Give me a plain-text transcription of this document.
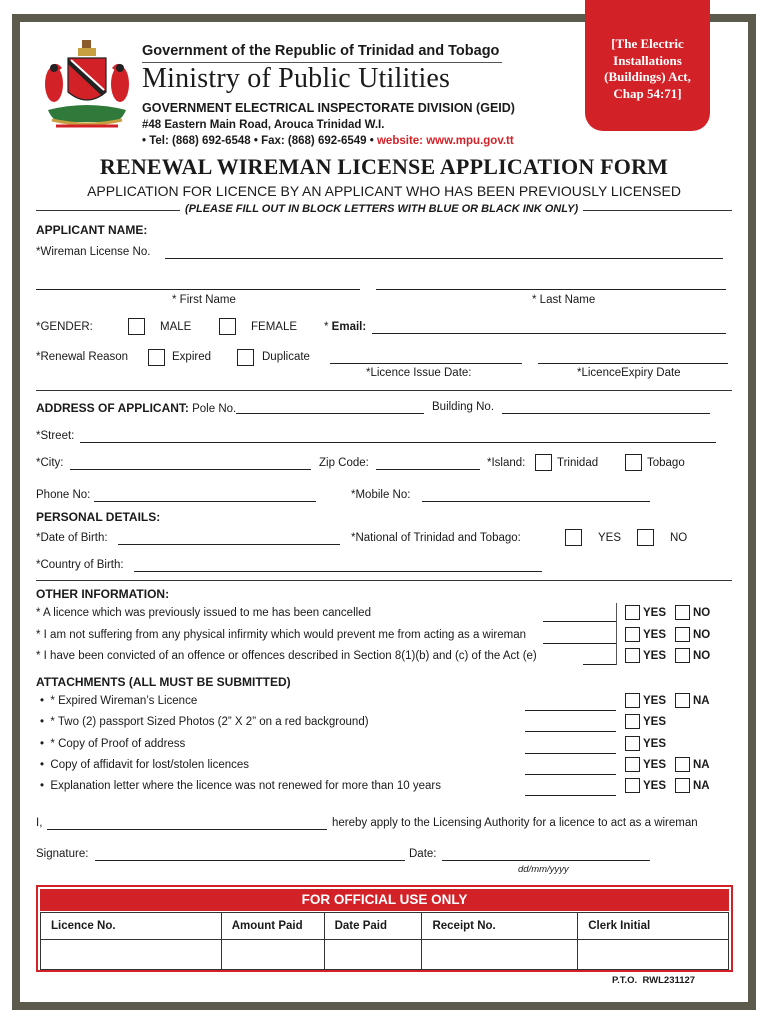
[The Electric
Installations
(Buildings) Act,
Chap 54:71]
Government of the Republic of Trinidad and Tobago
Ministry of Public Utilities
GOVERNMENT ELECTRICAL INSPECTORATE DIVISION (GEID)
#48 Eastern Main Road, Arouca Trinidad W.I.
• Tel: (868) 692-6548 • Fax: (868) 692-6549 • website: www.mpu.gov.tt
RENEWAL WIREMAN LICENSE APPLICATION FORM
APPLICATION FOR LICENCE BY AN APPLICANT WHO HAS BEEN PREVIOUSLY LICENSED
(PLEASE FILL OUT IN BLOCK LETTERS WITH BLUE OR BLACK INK ONLY)
APPLICANT NAME:
*Wireman License No.
* First Name	* Last Name
*GENDER:	MALE	FEMALE * Email:
*Renewal Reason	Expired	Duplicate
*Licence Issue Date:	*LicenceExpiry Date
ADDRESS OF APPLICANT: Pole No.	Building No.
*Street:
*City:	Zip Code:	*Island:	Trinidad	Tobago
Phone No:	*Mobile No:
PERSONAL DETAILS:
*Date of Birth:	*National of Trinidad and Tobago:	YES	NO
*Country of Birth:
OTHER INFORMATION:
* A licence which was previously issued to me has been cancelled	YES NO
* I am not suffering from any physical infirmity which would prevent me from acting as a wireman	YES NO
* I have been convicted of an offence or offences described in Section 8(1)(b) and (c) of the Act (e)	YES NO
ATTACHMENTS (ALL MUST BE SUBMITTED)
• * Expired Wireman’s Licence	YES NA
• * Two (2) passport Sized Photos (2” X 2” on a red background)	YES
• * Copy of Proof of address	YES
• Copy of affidavit for lost/stolen licences	YES NA
• Explanation letter where the licence was not renewed for more than 10 years	YES NA
I,	hereby apply to the Licensing Authority for a licence to act as a wireman
Signature:	Date:
dd/mm/yyyy
FOR OFFICIAL USE ONLY
Licence No.	Amount Paid	Date Paid	Receipt No.	Clerk Initial

P.T.O.  RWL231127
